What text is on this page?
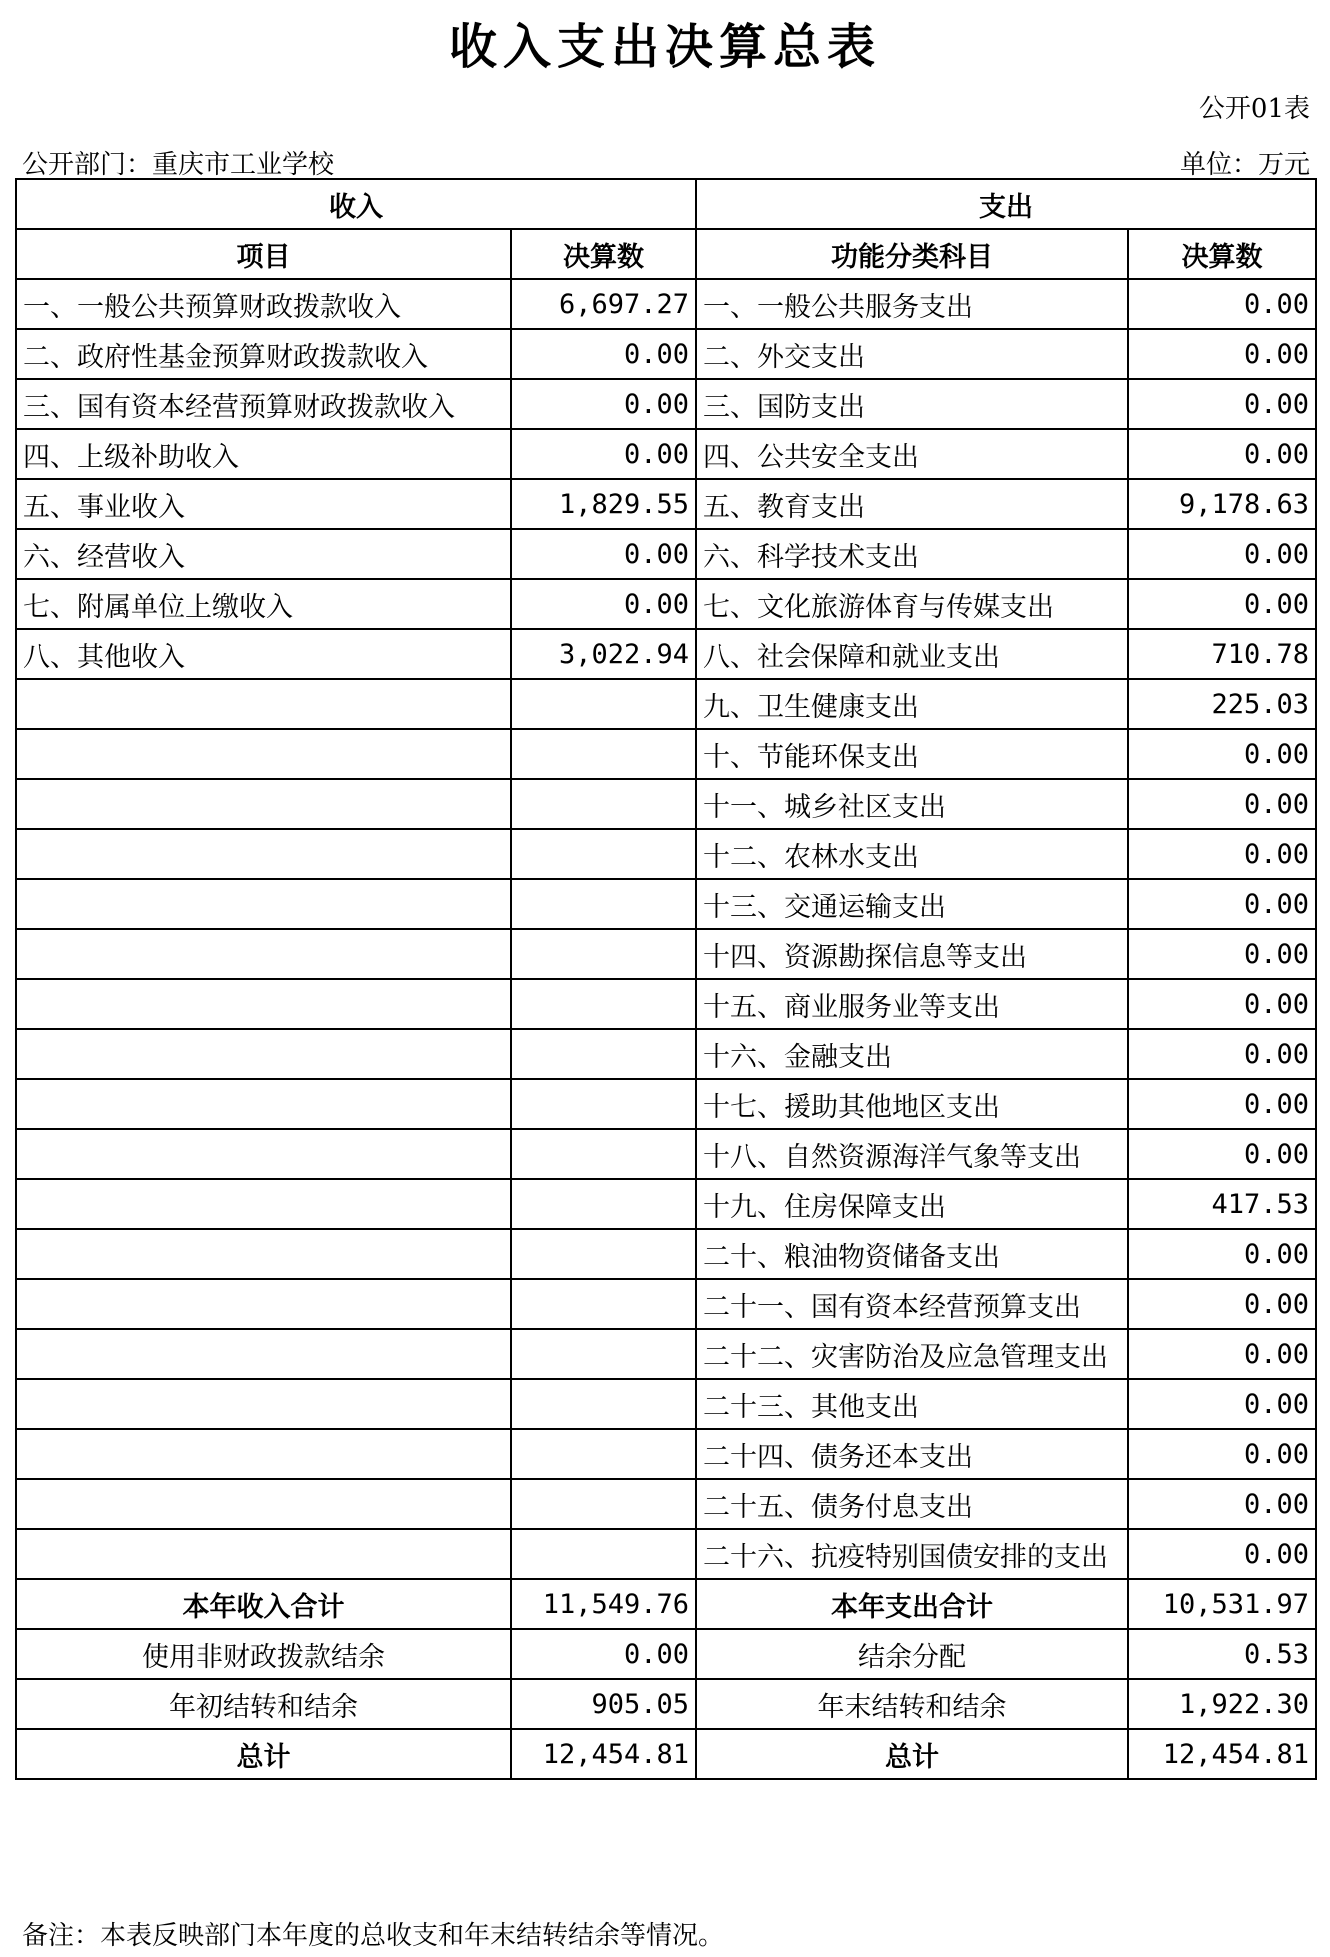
收入支出决算总表
公开01表
公开部门：重庆市工业学校	单位：万元
收入		支出	
项目	决算数	功能分类科目	决算数
一、一般公共预算财政拨款收入	6,697.27	一、一般公共服务支出	0.00
二、政府性基金预算财政拨款收入	0.00	二、外交支出	0.00
三、国有资本经营预算财政拨款收入	0.00	三、国防支出	0.00
四、上级补助收入	0.00	四、公共安全支出	0.00
五、事业收入	1,829.55	五、教育支出	9,178.63
六、经营收入	0.00	六、科学技术支出	0.00
七、附属单位上缴收入	0.00	七、文化旅游体育与传媒支出	0.00
八、其他收入	3,022.94	八、社会保障和就业支出	710.78
		九、卫生健康支出	225.03
		十、节能环保支出	0.00
		十一、城乡社区支出	0.00
		十二、农林水支出	0.00
		十三、交通运输支出	0.00
		十四、资源勘探信息等支出	0.00
		十五、商业服务业等支出	0.00
		十六、金融支出	0.00
		十七、援助其他地区支出	0.00
		十八、自然资源海洋气象等支出	0.00
		十九、住房保障支出	417.53
		二十、粮油物资储备支出	0.00
		二十一、国有资本经营预算支出	0.00
		二十二、灾害防治及应急管理支出	0.00
		二十三、其他支出	0.00
		二十四、债务还本支出	0.00
		二十五、债务付息支出	0.00
		二十六、抗疫特别国债安排的支出	0.00
本年收入合计	11,549.76	本年支出合计	10,531.97
使用非财政拨款结余	0.00	结余分配	0.53
年初结转和结余	905.05	年末结转和结余	1,922.30
总计	12,454.81	总计	12,454.81
备注：本表反映部门本年度的总收支和年末结转结余等情况。
